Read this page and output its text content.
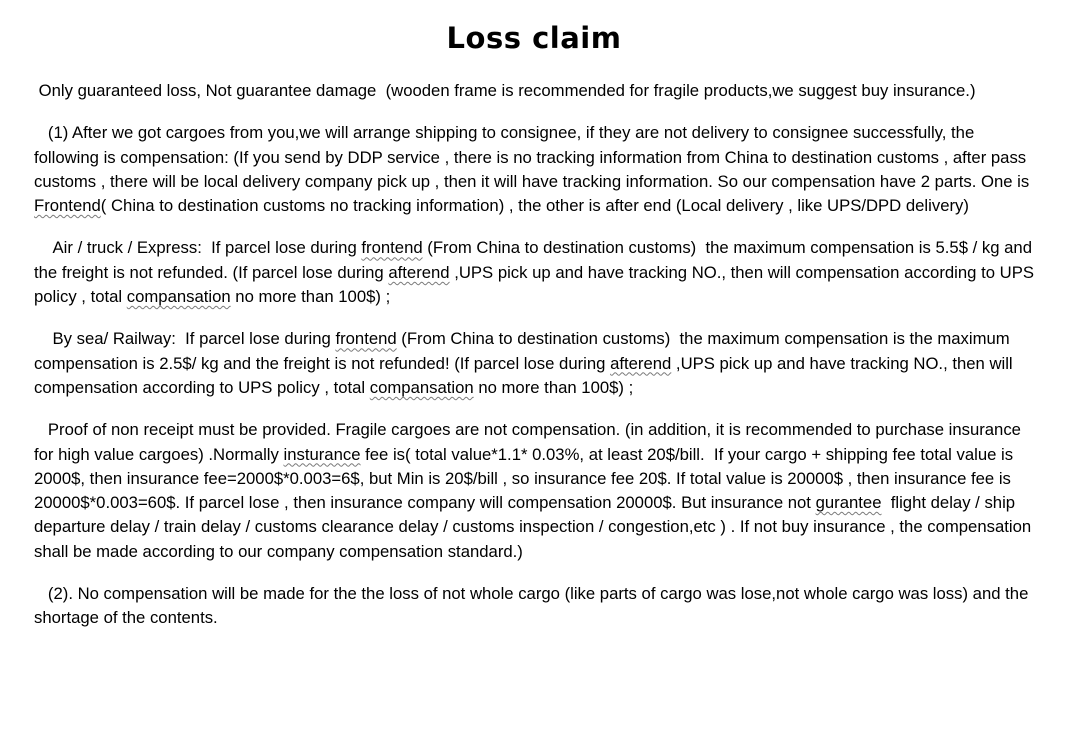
Loss claim

Only guaranteed loss, Not guarantee damage  (wooden frame is recommended for fragile products,we suggest buy insurance.)

(1) After we got cargoes from you,we will arrange shipping to consignee, if they are not delivery to consignee successfully, the following is compensation: (If you send by DDP service , there is no tracking information from China to destination customs , after pass customs , there will be local delivery company pick up , then it will have tracking information. So our compensation have 2 parts. One is Frontend( China to destination customs no tracking information) , the other is after end (Local delivery , like UPS/DPD delivery)

Air / truck / Express:  If parcel lose during frontend (From China to destination customs)  the maximum compensation is 5.5$ / kg and the freight is not refunded. (If parcel lose during afterend ,UPS pick up and have tracking NO., then will compensation according to UPS policy , total compansation no more than 100$) ;

By sea/ Railway:  If parcel lose during frontend (From China to destination customs)  the maximum compensation is the maximum compensation is 2.5$/ kg and the freight is not refunded! (If parcel lose during afterend ,UPS pick up and have tracking NO., then will compensation according to UPS policy , total compansation no more than 100$) ;

Proof of non receipt must be provided. Fragile cargoes are not compensation. (in addition, it is recommended to purchase insurance for high value cargoes) .Normally insturance fee is( total value*1.1* 0.03%, at least 20$/bill.  If your cargo + shipping fee total value is 2000$, then insurance fee=2000$*0.003=6$, but Min is 20$/bill , so insurance fee 20$. If total value is 20000$ , then insurance fee is 20000$*0.003=60$. If parcel lose , then insurance company will compensation 20000$. But insurance not gurantee  flight delay / ship departure delay / train delay / customs clearance delay / customs inspection / congestion,etc ) . If not buy insurance , the compensation shall be made according to our company compensation standard.)

(2). No compensation will be made for the the loss of not whole cargo (like parts of cargo was lose,not whole cargo was loss) and the shortage of the contents.
